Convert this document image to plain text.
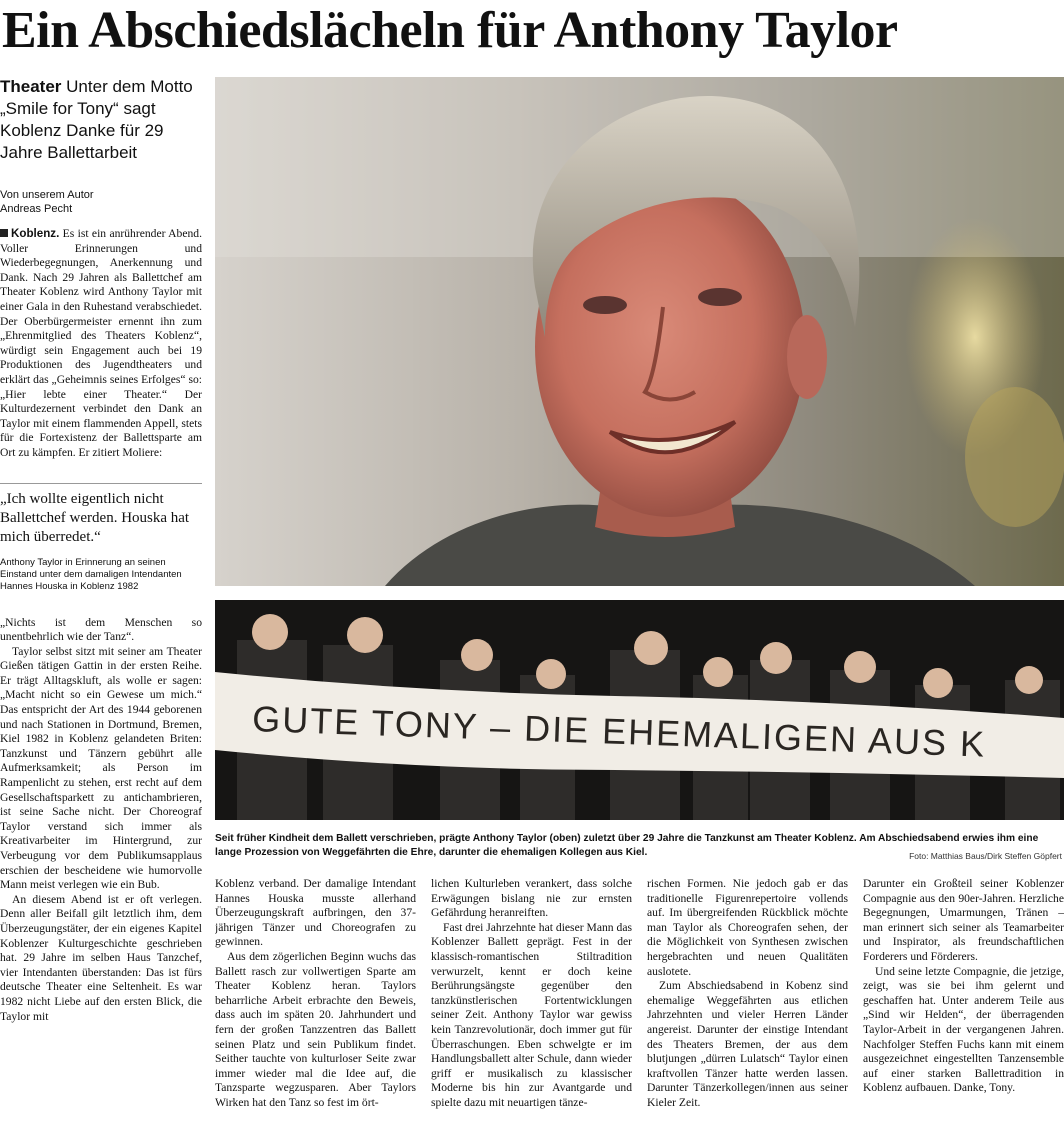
Ein Abschiedslächeln für Anthony Taylor
Theater Unter dem Motto „Smile for Tony“ sagt Koblenz Danke für 29 Jahre Ballettarbeit
Von unserem Autor
Andreas Pecht

Koblenz. Es ist ein anrührender Abend. Voller Erinnerungen und Wiederbegegnungen, Anerkennung und Dank. Nach 29 Jahren als Ballettchef am Theater Koblenz wird Anthony Taylor mit einer Gala in den Ruhestand verabschiedet. Der Oberbürgermeister ernennt ihn zum „Ehrenmitglied des Theaters Koblenz“, würdigt sein Engagement auch bei 19 Produktionen des Jugendtheaters und erklärt das „Geheimnis seines Erfolges“ so: „Hier lebte einer Theater.“ Der Kulturdezernent verbindet den Dank an Taylor mit einem flammenden Appell, stets für die Fortexistenz der Ballettsparte am Ort zu kämpfen. Er zitiert Moliere:

„Ich wollte eigentlich nicht Ballettchef werden. Houska hat mich überredet.“
Anthony Taylor in Erinnerung an seinen Einstand unter dem damaligen Intendanten Hannes Houska in Koblenz 1982

„Nichts ist dem Menschen so unentbehrlich wie der Tanz“.

Taylor selbst sitzt mit seiner am Theater Gießen tätigen Gattin in der ersten Reihe. Er trägt Alltagskluft, als wolle er sagen: „Macht nicht so ein Gewese um mich.“ Das entspricht der Art des 1944 geborenen und nach Stationen in Dortmund, Bremen, Kiel 1982 in Koblenz gelandeten Briten: Tanzkunst und Tänzern gebührt alle Aufmerksamkeit; als Person im Rampenlicht zu stehen, erst recht auf dem Gesellschaftsparkett zu antichambrieren, ist seine Sache nicht. Der Choreograf Taylor verstand sich immer als Kreativarbeiter im Hintergrund, zur Verbeugung vor dem Publikumsapplaus erschien der bescheidene wie humorvolle Mann meist verlegen wie ein Bub.

An diesem Abend ist er oft verlegen. Denn aller Beifall gilt letztlich ihm, dem Überzeugungstäter, der ein eigenes Kapitel Koblenzer Kulturgeschichte geschrieben hat. 29 Jahre im selben Haus Tanzchef, vier Intendanten überstanden: Das ist fürs deutsche Theater eine Seltenheit. Es war 1982 nicht Liebe auf den ersten Blick, die Taylor mit

GUTE TONY – DIE EHEMALIGEN AUS K
Seit früher Kindheit dem Ballett verschrieben, prägte Anthony Taylor (oben) zuletzt über 29 Jahre die Tanzkunst am Theater Koblenz. Am Abschiedsabend erwies ihm eine lange Prozession von Weggefährten die Ehre, darunter die ehemaligen Kollegen aus Kiel.	Foto: Matthias Baus/Dirk Steffen Göpfert

Koblenz verband. Der damalige Intendant Hannes Houska musste allerhand Überzeugungskraft aufbringen, den 37-jährigen Tänzer und Choreografen zu gewinnen.

Aus dem zögerlichen Beginn wuchs das Ballett rasch zur vollwertigen Sparte am Theater Koblenz heran. Taylors beharrliche Arbeit erbrachte den Beweis, dass auch im späten 20. Jahrhundert und fern der großen Tanzzentren das Ballett seinen Platz und sein Publikum findet. Seither tauchte von kulturloser Seite zwar immer wieder mal die Idee auf, die Tanzsparte wegzusparen. Aber Taylors Wirken hat den Tanz so fest im ört-

lichen Kulturleben verankert, dass solche Erwägungen bislang nie zur ernsten Gefährdung heranreiften.

Fast drei Jahrzehnte hat dieser Mann das Koblenzer Ballett geprägt. Fest in der klassisch-romantischen Stiltradition verwurzelt, kennt er doch keine Berührungsängste gegenüber den tanzkünstlerischen Fortentwicklungen seiner Zeit. Anthony Taylor war gewiss kein Tanzrevolutionär, doch immer gut für Überraschungen. Eben schwelgte er im Handlungsballett alter Schule, dann wieder griff er musikalisch zu klassischer Moderne bis hin zur Avantgarde und spielte dazu mit neuartigen tänze-

rischen Formen. Nie jedoch gab er das traditionelle Figurenrepertoire vollends auf. Im übergreifenden Rückblick möchte man Taylor als Choreografen sehen, der die Möglichkeit von Synthesen zwischen hergebrachten und neuen Qualitäten auslotete.

Zum Abschiedsabend in Kobenz sind ehemalige Weggefährten aus etlichen Jahrzehnten und vieler Herren Länder angereist. Darunter der einstige Intendant des Theaters Bremen, der aus dem blutjungen „dürren Lulatsch“ Taylor einen kraftvollen Tänzer hatte werden lassen. Darunter Tänzerkollegen/innen aus seiner Kieler Zeit.

Darunter ein Großteil seiner Koblenzer Compagnie aus den 90er-Jahren. Herzliche Begegnungen, Umarmungen, Tränen – man erinnert sich seiner als Teamarbeiter und Inspirator, als freundschaftlichen Forderers und Förderers.

Und seine letzte Compagnie, die jetzige, zeigt, was sie bei ihm gelernt und geschaffen hat. Unter anderem Teile aus „Sind wir Helden“, der überragenden Taylor-Arbeit in der vergangenen Jahren. Nachfolger Steffen Fuchs kann mit einem ausgezeichnet eingestellten Tanzensemble auf einer starken Ballettradition in Koblenz aufbauen. Danke, Tony.
